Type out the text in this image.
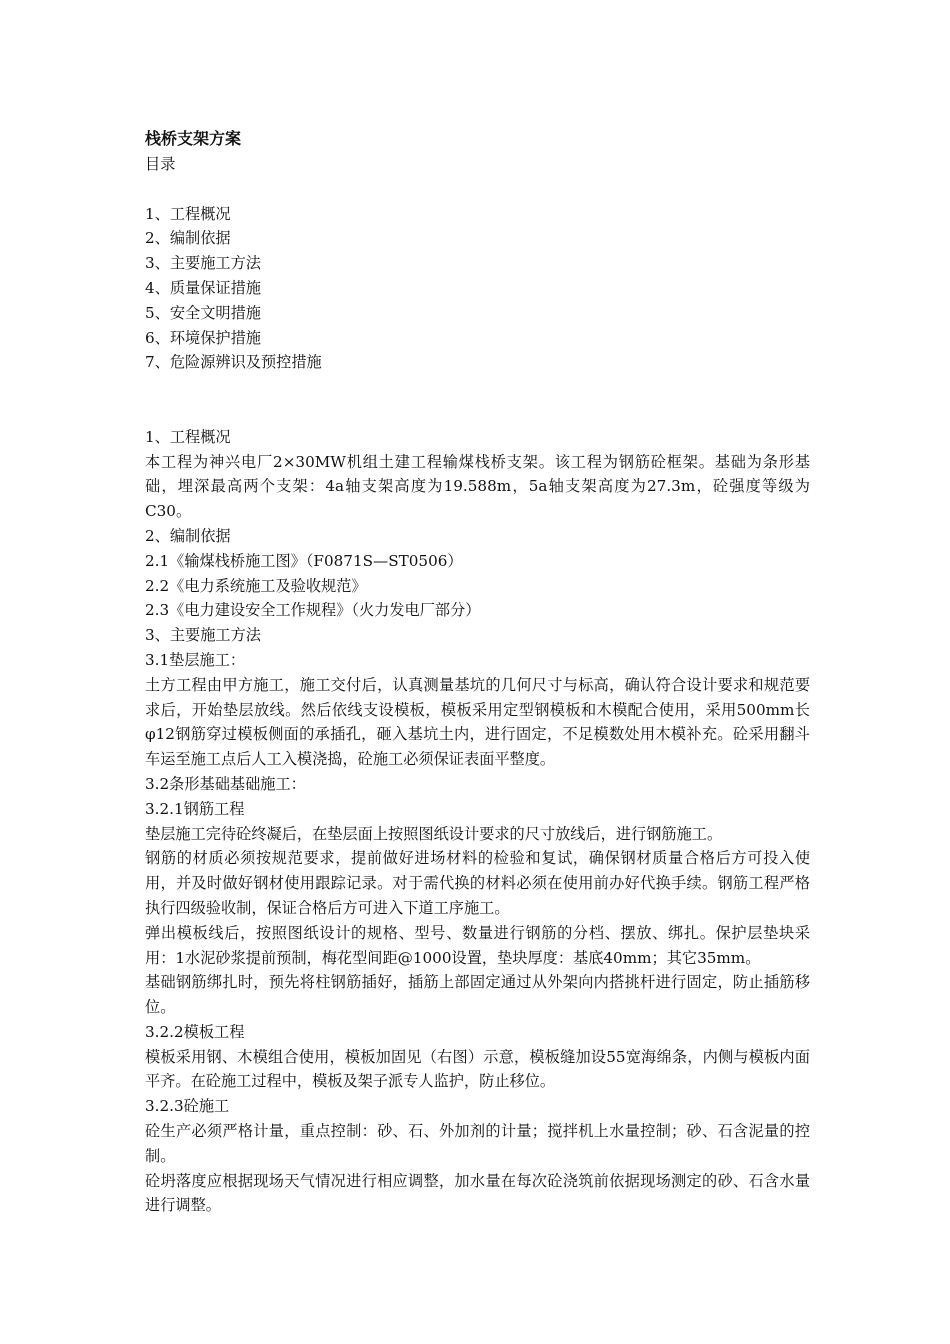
栈桥支架方案
目录
1、工程概况
2、编制依据
3、主要施工方法
4、质量保证措施
5、安全文明措施
6、环境保护措施
7、危险源辨识及预控措施
1、工程概况
本工程为神兴电厂2×30MW机组土建工程输煤栈桥支架。该工程为钢筋砼框架。基础为条形基础，埋深最高两个支架：4a轴支架高度为19.588m，5a轴支架高度为27.3m，砼强度等级为C30。
2、编制依据
2.1《输煤栈桥施工图》（F0871S—ST0506）
2.2《电力系统施工及验收规范》
2.3《电力建设安全工作规程》（火力发电厂部分）
3、主要施工方法
3.1垫层施工：
土方工程由甲方施工，施工交付后，认真测量基坑的几何尺寸与标高，确认符合设计要求和规范要求后，开始垫层放线。然后依线支设模板，模板采用定型钢模板和木模配合使用，采用500mm长φ12钢筋穿过模板侧面的承插孔，砸入基坑土内，进行固定，不足模数处用木模补充。砼采用翻斗车运至施工点后人工入模浇捣，砼施工必须保证表面平整度。
3.2条形基础基础施工：
3.2.1钢筋工程
垫层施工完待砼终凝后，在垫层面上按照图纸设计要求的尺寸放线后，进行钢筋施工。
钢筋的材质必须按规范要求，提前做好进场材料的检验和复试，确保钢材质量合格后方可投入使用，并及时做好钢材使用跟踪记录。对于需代换的材料必须在使用前办好代换手续。钢筋工程严格执行四级验收制，保证合格后方可进入下道工序施工。
弹出模板线后，按照图纸设计的规格、型号、数量进行钢筋的分档、摆放、绑扎。保护层垫块采用：1水泥砂浆提前预制，梅花型间距@1000设置，垫块厚度：基底40mm；其它35mm。
基础钢筋绑扎时，预先将柱钢筋插好，插筋上部固定通过从外架向内搭挑杆进行固定，防止插筋移位。
3.2.2模板工程
模板采用钢、木模组合使用，模板加固见（右图）示意，模板缝加设55宽海绵条，内侧与模板内面平齐。在砼施工过程中，模板及架子派专人监护，防止移位。
3.2.3砼施工
砼生产必须严格计量，重点控制：砂、石、外加剂的计量；搅拌机上水量控制；砂、石含泥量的控制。
砼坍落度应根据现场天气情况进行相应调整，加水量在每次砼浇筑前依据现场测定的砂、石含水量进行调整。
